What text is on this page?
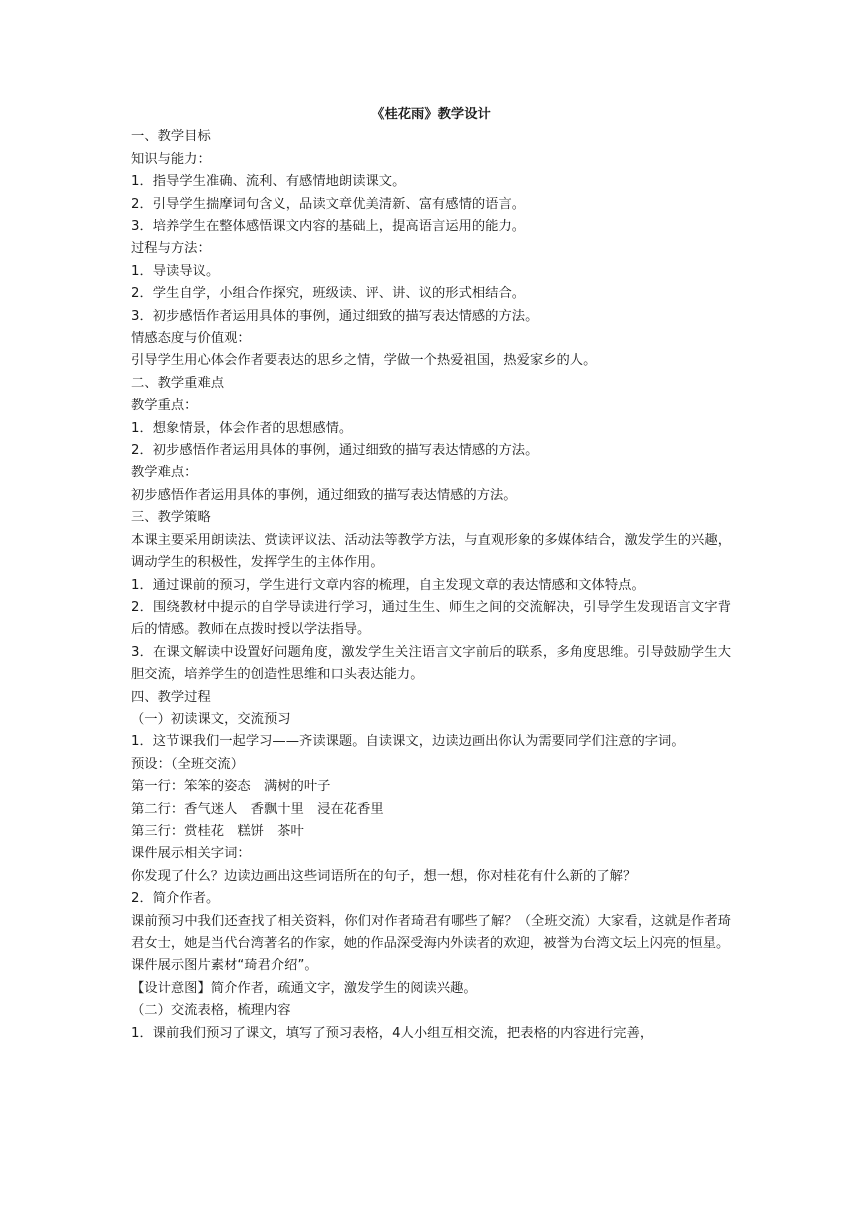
《桂花雨》教学设计

一、教学目标

知识与能力：

1．指导学生准确、流利、有感情地朗读课文。

2．引导学生揣摩词句含义，品读文章优美清新、富有感情的语言。

3．培养学生在整体感悟课文内容的基础上，提高语言运用的能力。

过程与方法：

1．导读导议。

2．学生自学，小组合作探究，班级读、评、讲、议的形式相结合。

3．初步感悟作者运用具体的事例，通过细致的描写表达情感的方法。

情感态度与价值观：

引导学生用心体会作者要表达的思乡之情，学做一个热爱祖国，热爱家乡的人。

二、教学重难点

教学重点：

1．想象情景，体会作者的思想感情。

2．初步感悟作者运用具体的事例，通过细致的描写表达情感的方法。

教学难点：

初步感悟作者运用具体的事例，通过细致的描写表达情感的方法。

三、教学策略

本课主要采用朗读法、赏读评议法、活动法等教学方法，与直观形象的多媒体结合，激发学生的兴趣，调动学生的积极性，发挥学生的主体作用。

1．通过课前的预习，学生进行文章内容的梳理，自主发现文章的表达情感和文体特点。

2．围绕教材中提示的自学导读进行学习，通过生生、师生之间的交流解决，引导学生发现语言文字背后的情感。教师在点拨时授以学法指导。

3．在课文解读中设置好问题角度，激发学生关注语言文字前后的联系，多角度思维。引导鼓励学生大胆交流，培养学生的创造性思维和口头表达能力。

四、教学过程

（一）初读课文，交流预习

1．这节课我们一起学习——齐读课题。自读课文，边读边画出你认为需要同学们注意的字词。

预设：（全班交流）

第一行：笨笨的姿态　满树的叶子

第二行：香气迷人　香飘十里　浸在花香里

第三行：赏桂花　糕饼　茶叶

课件展示相关字词：

你发现了什么？边读边画出这些词语所在的句子，想一想，你对桂花有什么新的了解？

2．简介作者。

课前预习中我们还查找了相关资料，你们对作者琦君有哪些了解？（全班交流）大家看，这就是作者琦君女士，她是当代台湾著名的作家，她的作品深受海内外读者的欢迎，被誉为台湾文坛上闪亮的恒星。

课件展示图片素材“琦君介绍”。

【设计意图】简介作者，疏通文字，激发学生的阅读兴趣。

（二）交流表格，梳理内容

1．课前我们预习了课文，填写了预习表格，4人小组互相交流，把表格的内容进行完善，
